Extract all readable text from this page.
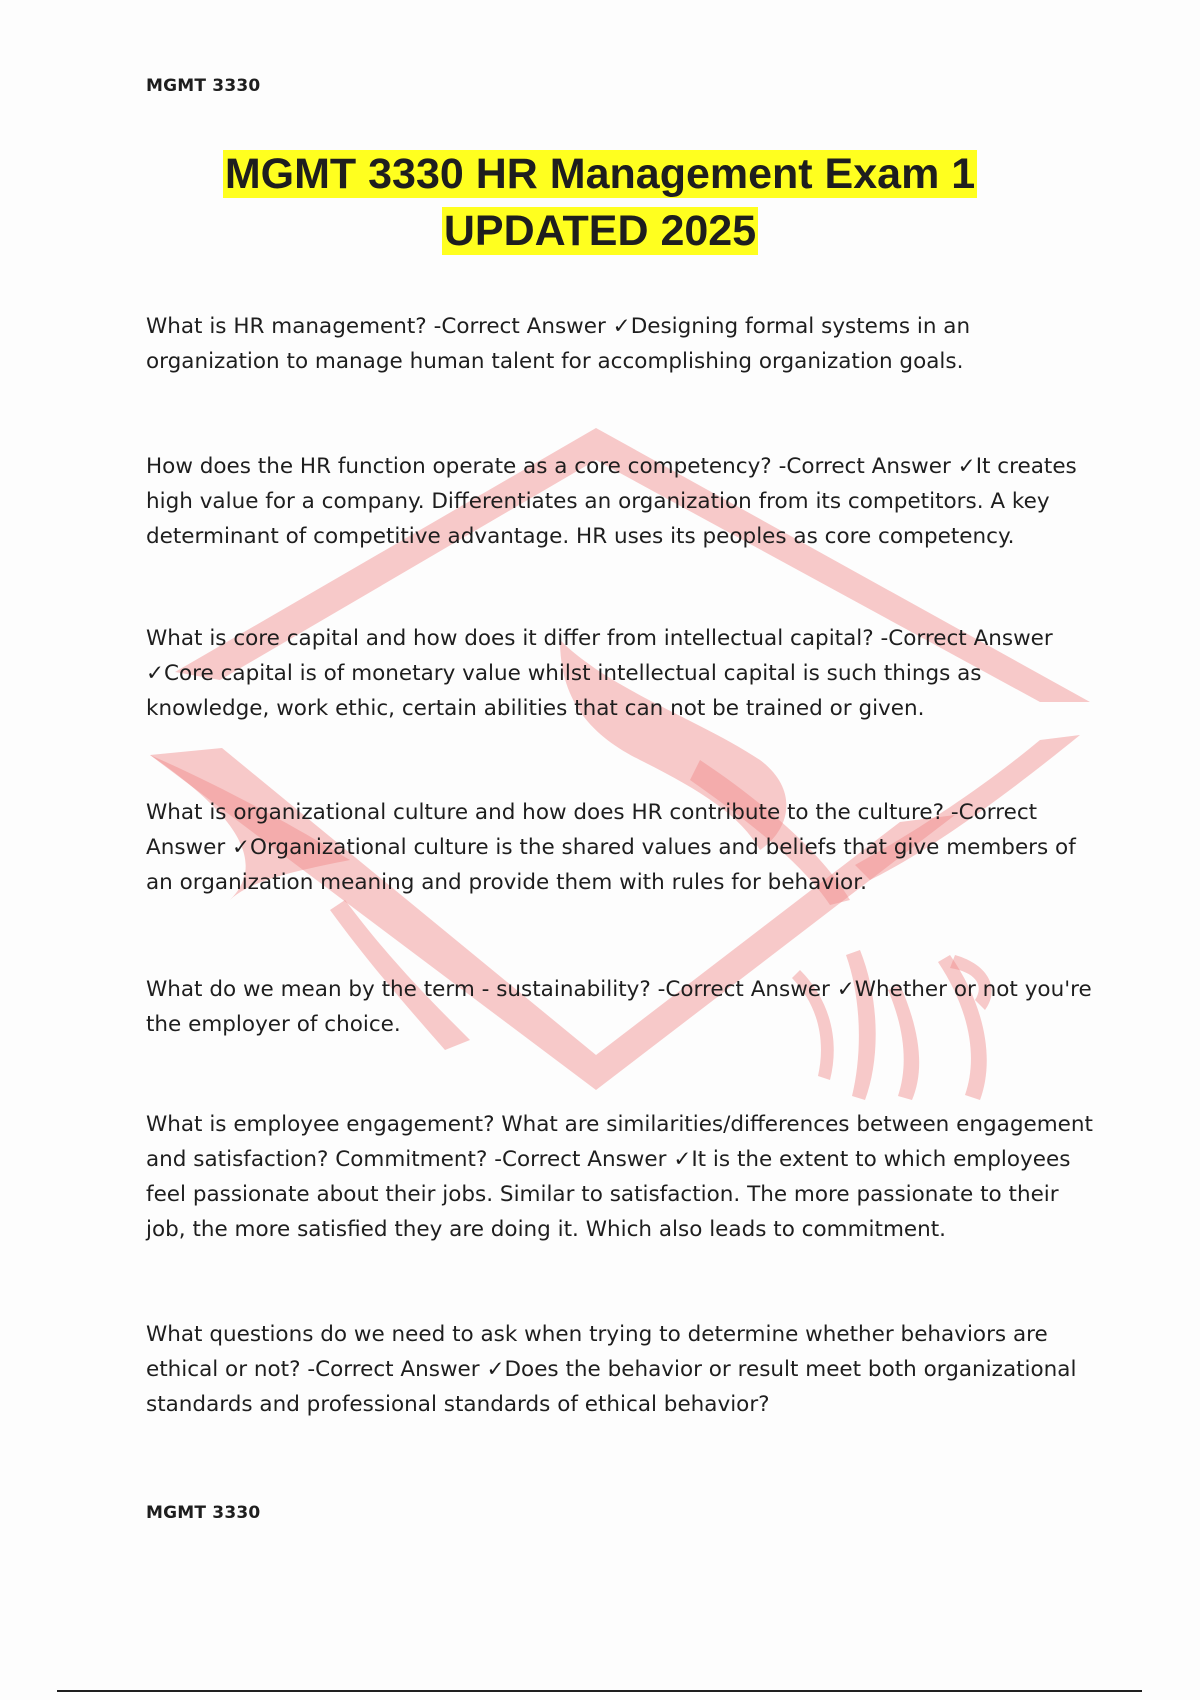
MGMT 3330
MGMT 3330 HR Management Exam 1
UPDATED 2025
What is HR management? -Correct Answer ✓Designing formal systems in an organization to manage human talent for accomplishing organization goals.
How does the HR function operate as a core competency? -Correct Answer ✓It creates high value for a company. Differentiates an organization from its competitors. A key determinant of competitive advantage. HR uses its peoples as core competency.
What is core capital and how does it differ from intellectual capital? -Correct Answer ✓Core capital is of monetary value whilst intellectual capital is such things as knowledge, work ethic, certain abilities that can not be trained or given.
What is organizational culture and how does HR contribute to the culture? -Correct Answer ✓Organizational culture is the shared values and beliefs that give members of an organization meaning and provide them with rules for behavior.
What do we mean by the term - sustainability? -Correct Answer ✓Whether or not you're the employer of choice.
What is employee engagement? What are similarities/differences between engagement and satisfaction? Commitment? -Correct Answer ✓It is the extent to which employees feel passionate about their jobs. Similar to satisfaction. The more passionate to their job, the more satisfied they are doing it. Which also leads to commitment.
What questions do we need to ask when trying to determine whether behaviors are ethical or not? -Correct Answer ✓Does the behavior or result meet both organizational standards and professional standards of ethical behavior?
MGMT 3330
